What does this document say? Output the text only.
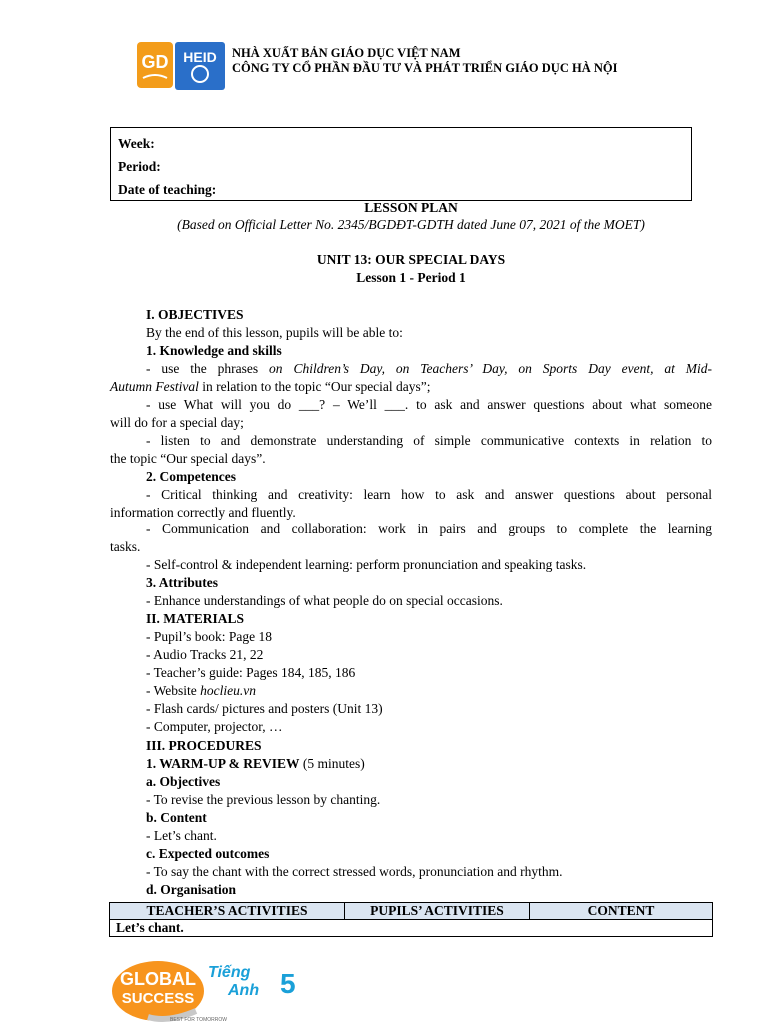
GD HEID NHÀ XUẤT BẢN GIÁO DỤC VIỆT NAM
CÔNG TY CỔ PHẦN ĐẦU TƯ VÀ PHÁT TRIỂN GIÁO DỤC HÀ NỘI
Week:
Period:
Date of teaching:
LESSON PLAN
(Based on Official Letter No. 2345/BGDĐT-GDTH dated June 07, 2021 of the MOET)
UNIT 13: OUR SPECIAL DAYS
Lesson 1 - Period 1
I. OBJECTIVES
By the end of this lesson, pupils will be able to:
1. Knowledge and skills
- use the phrases on Children’s Day, on Teachers’ Day, on Sports Day event, at Mid-
Autumn Festival in relation to the topic “Our special days”;
- use What will you do ___? – We’ll ___. to ask and answer questions about what someone
will do for a special day;
- listen to and demonstrate understanding of simple communicative contexts in relation to
the topic “Our special days”.
2. Competences
- Critical thinking and creativity: learn how to ask and answer questions about personal
information correctly and fluently.
- Communication and collaboration: work in pairs and groups to complete the learning
tasks.
- Self-control & independent learning: perform pronunciation and speaking tasks.
3. Attributes
- Enhance understandings of what people do on special occasions.
II. MATERIALS
- Pupil’s book: Page 18
- Audio Tracks 21, 22
- Teacher’s guide: Pages 184, 185, 186
- Website hoclieu.vn
- Flash cards/ pictures and posters (Unit 13)
- Computer, projector, …
III. PROCEDURES
1. WARM-UP & REVIEW (5 minutes)
a. Objectives
- To revise the previous lesson by chanting.
b. Content
- Let’s chant.
c. Expected outcomes
- To say the chant with the correct stressed words, pronunciation and rhythm.
d. Organisation
TEACHER’S ACTIVITIES	PUPILS’ ACTIVITIES	CONTENT
Let’s chant.
GLOBAL
SUCCESS
BEST FOR TOMORROW
Tiếng
Anh 5
